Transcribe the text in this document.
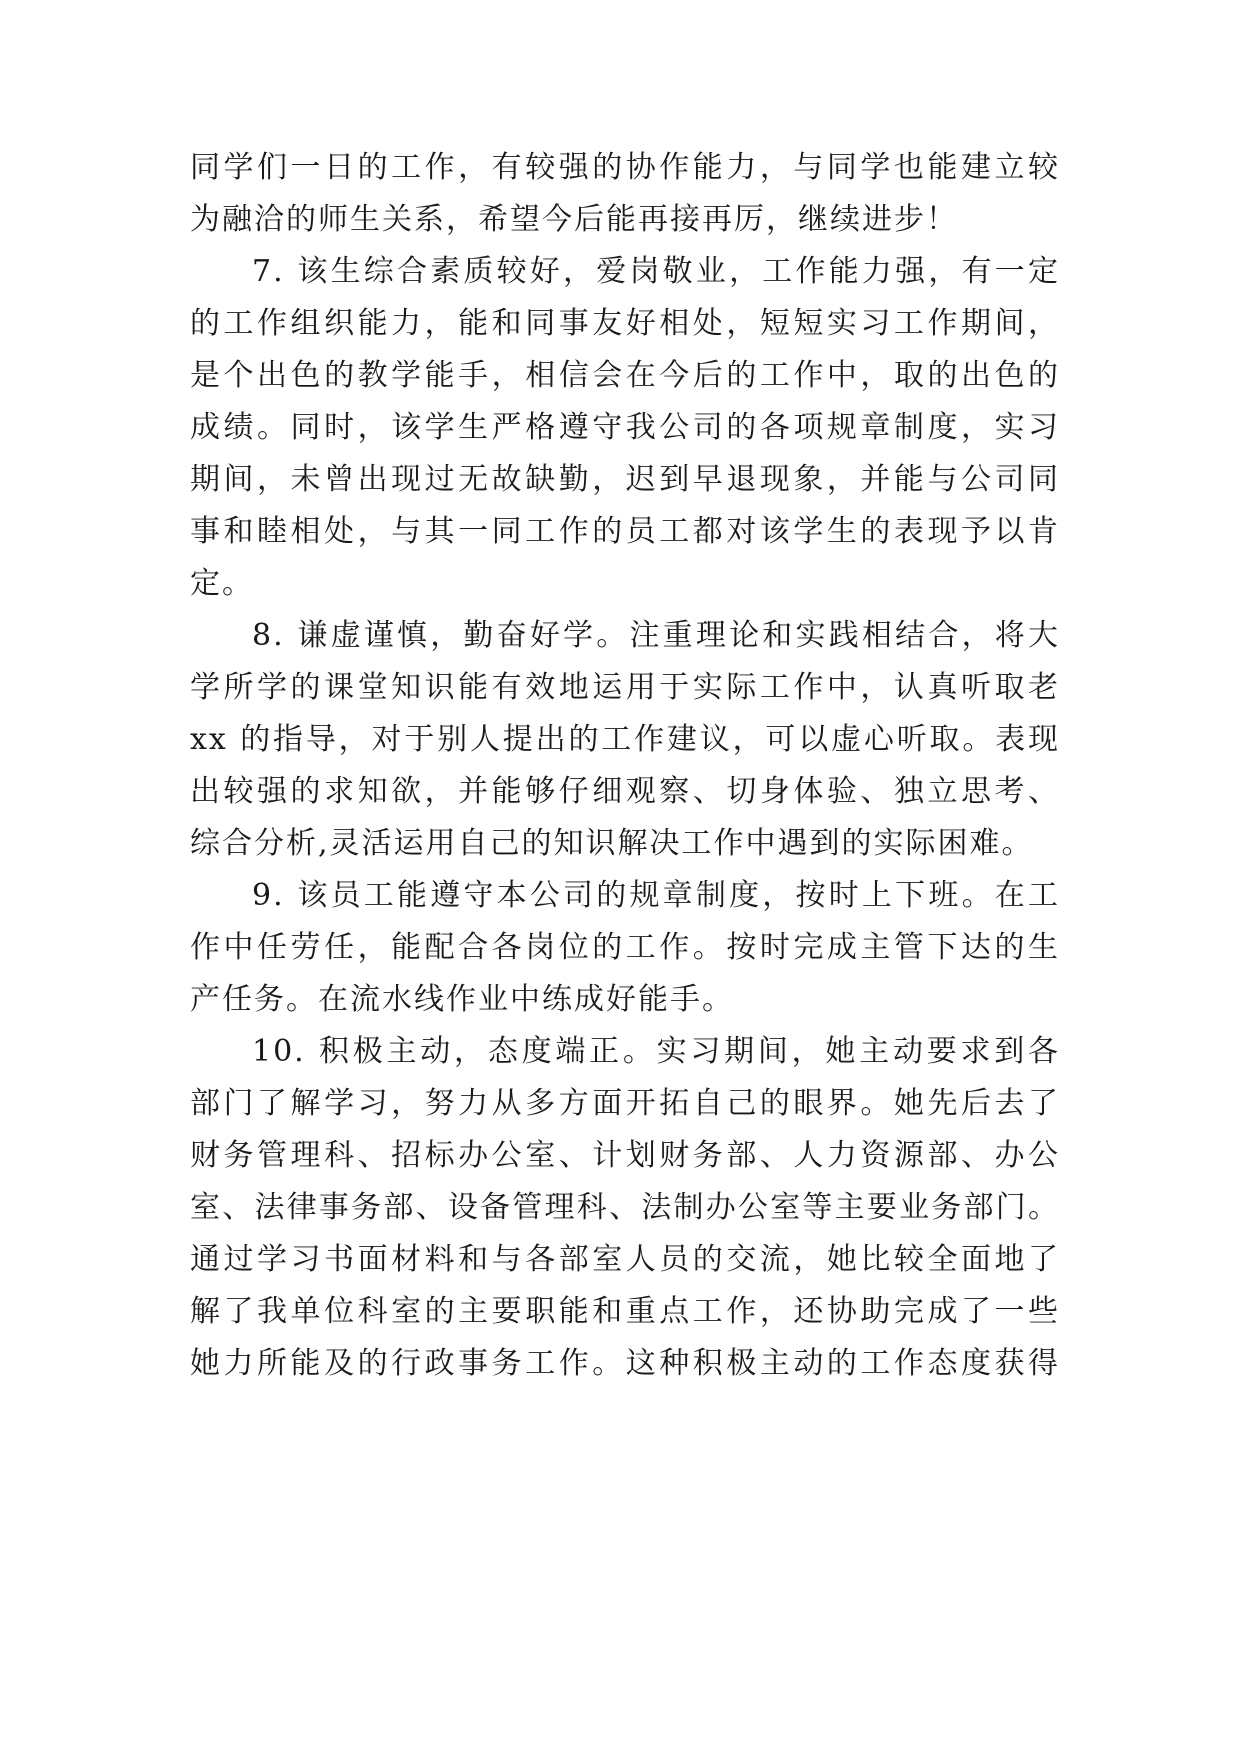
同学们一日的工作，有较强的协作能力，与同学也能建立较
为融洽的师生关系，希望今后能再接再厉，继续进步！
7. 该生综合素质较好，爱岗敬业，工作能力强，有一定
的工作组织能力，能和同事友好相处，短短实习工作期间，
是个出色的教学能手，相信会在今后的工作中，取的出色的
成绩。同时，该学生严格遵守我公司的各项规章制度，实习
期间，未曾出现过无故缺勤，迟到早退现象，并能与公司同
事和睦相处，与其一同工作的员工都对该学生的表现予以肯
定。
8. 谦虚谨慎，勤奋好学。注重理论和实践相结合，将大
学所学的课堂知识能有效地运用于实际工作中，认真听取老
xx 的指导，对于别人提出的工作建议，可以虚心听取。表现
出较强的求知欲，并能够仔细观察、切身体验、独立思考、
综合分析,灵活运用自己的知识解决工作中遇到的实际困难。
9. 该员工能遵守本公司的规章制度，按时上下班。在工
作中任劳任，能配合各岗位的工作。按时完成主管下达的生
产任务。在流水线作业中练成好能手。
10. 积极主动，态度端正。实习期间，她主动要求到各
部门了解学习，努力从多方面开拓自己的眼界。她先后去了
财务管理科、招标办公室、计划财务部、人力资源部、办公
室、法律事务部、设备管理科、法制办公室等主要业务部门。
通过学习书面材料和与各部室人员的交流，她比较全面地了
解了我单位科室的主要职能和重点工作，还协助完成了一些
她力所能及的行政事务工作。这种积极主动的工作态度获得
